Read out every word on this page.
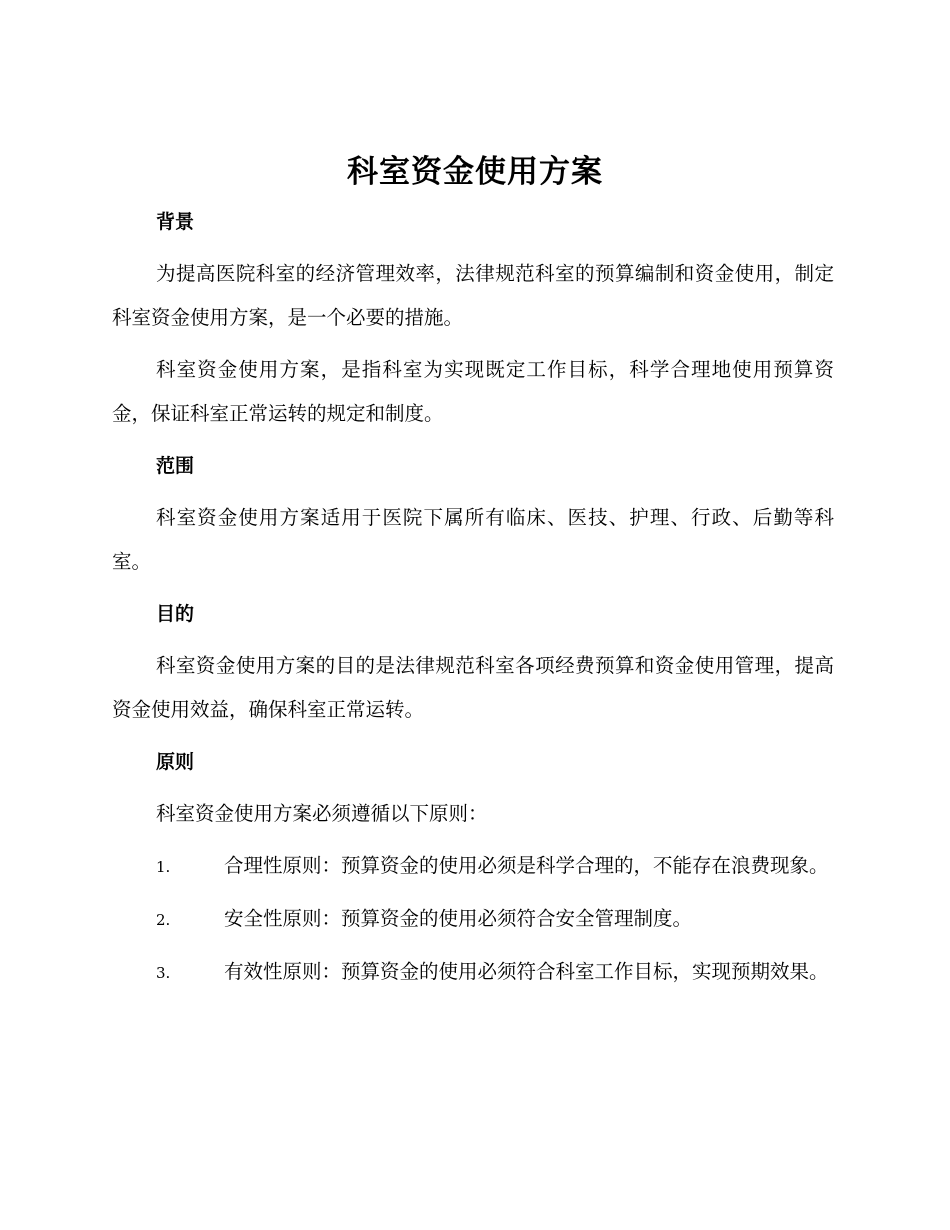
科室资金使用方案

背景

为提高医院科室的经济管理效率，法律规范科室的预算编制和资金使用，制定科室资金使用方案，是一个必要的措施。

科室资金使用方案，是指科室为实现既定工作目标，科学合理地使用预算资金，保证科室正常运转的规定和制度。

范围

科室资金使用方案适用于医院下属所有临床、医技、护理、行政、后勤等科室。

目的

科室资金使用方案的目的是法律规范科室各项经费预算和资金使用管理，提高资金使用效益，确保科室正常运转。

原则

科室资金使用方案必须遵循以下原则：

1.	合理性原则：预算资金的使用必须是科学合理的，不能存在浪费现象。

2.	安全性原则：预算资金的使用必须符合安全管理制度。

3.	有效性原则：预算资金的使用必须符合科室工作目标，实现预期效果。
